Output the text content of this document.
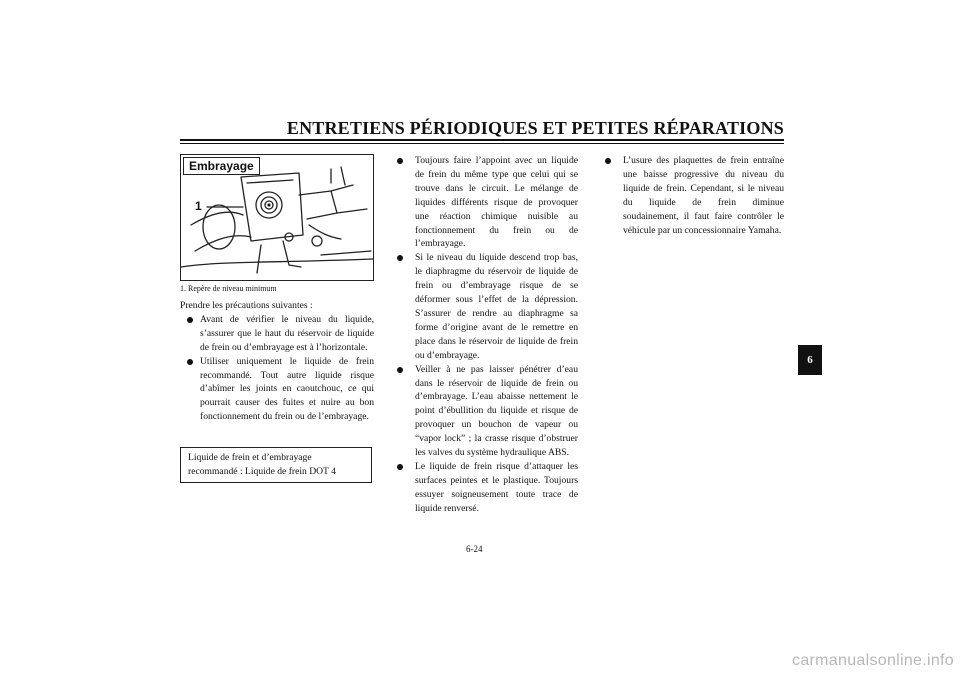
ENTRETIENS PÉRIODIQUES ET PETITES RÉPARATIONS
Embrayage
1
1. Repère de niveau minimum

Prendre les précautions suivantes :

Avant de vérifier le niveau du liquide, s’assurer que le haut du réservoir de liquide de frein ou d’embrayage est à l’horizontale.
Utiliser uniquement le liquide de frein recommandé. Tout autre liquide risque d’abîmer les joints en caoutchouc, ce qui pourrait causer des fuites et nuire au bon fonctionnement du frein ou de l’embrayage.
Liquide de frein et d’embrayage
recommandé : Liquide de frein DOT 4
Toujours faire l’appoint avec un liquide de frein du même type que celui qui se trouve dans le circuit. Le mélange de liquides différents risque de provoquer une réaction chimique nuisible au fonctionnement du frein ou de l’embrayage.
Si le niveau du liquide descend trop bas, le diaphragme du réservoir de liquide de frein ou d’embrayage risque de se déformer sous l’effet de la dépression. S’assurer de rendre au diaphragme sa forme d’origine avant de le remettre en place dans le réservoir de liquide de frein ou d’embrayage.
Veiller à ne pas laisser pénétrer d’eau dans le réservoir de liquide de frein ou d’embrayage. L’eau abaisse nettement le point d’ébullition du liquide et risque de provoquer un bouchon de vapeur ou “vapor lock” ; la crasse risque d’obstruer les valves du système hydraulique ABS.
Le liquide de frein risque d’attaquer les surfaces peintes et le plastique. Toujours essuyer soigneusement toute trace de liquide renversé.
L’usure des plaquettes de frein entraîne une baisse progressive du niveau du liquide de frein. Cependant, si le niveau du liquide de frein diminue soudainement, il faut faire contrôler le véhicule par un concessionnaire Yamaha.
6-24
6
carmanualsonline.info
